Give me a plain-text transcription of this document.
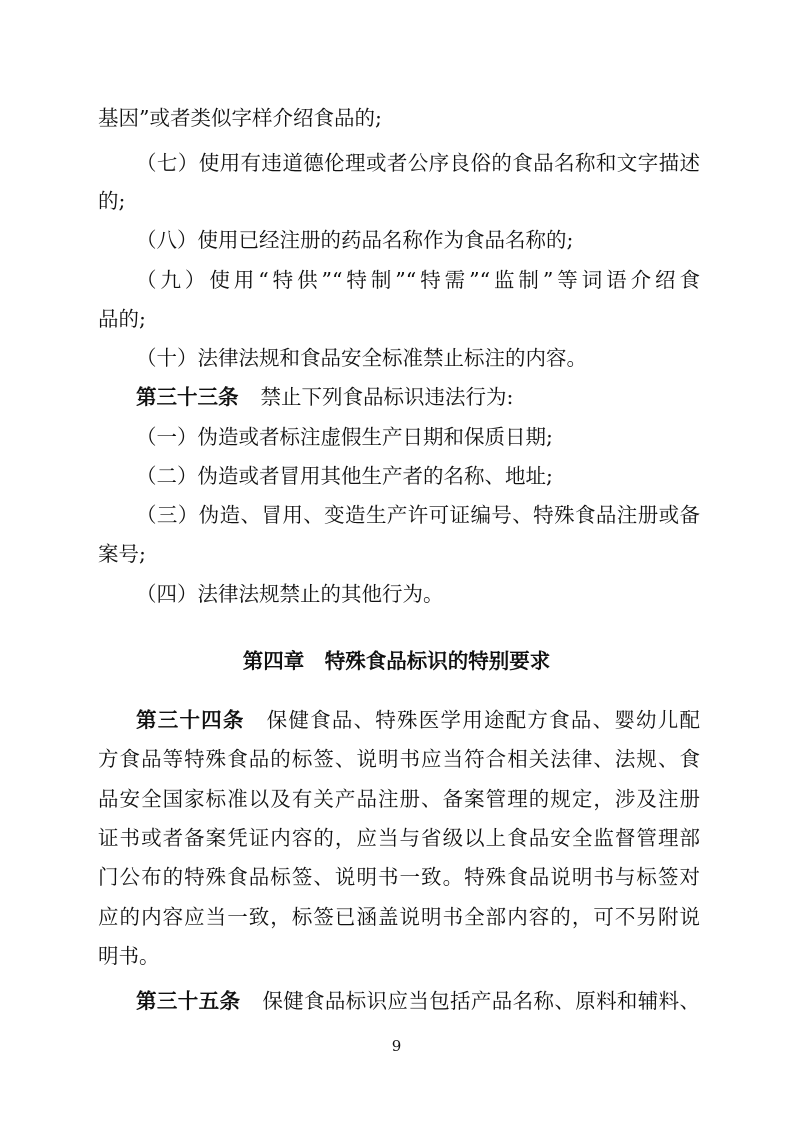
基因”或者类似字样介绍食品的;
（七）使用有违道德伦理或者公序良俗的食品名称和文字描述
的;
（八）使用已经注册的药品名称作为食品名称的;
（九）使用“特供”“特制”“特需”“监制”等词语介绍食
品的;
（十）法律法规和食品安全标准禁止标注的内容。
第三十三条 禁止下列食品标识违法行为:
（一）伪造或者标注虚假生产日期和保质日期;
（二）伪造或者冒用其他生产者的名称、地址;
（三）伪造、冒用、变造生产许可证编号、特殊食品注册或备
案号;
（四）法律法规禁止的其他行为。
第四章　特殊食品标识的特别要求
第三十四条 保健食品、特殊医学用途配方食品、婴幼儿配
方食品等特殊食品的标签、说明书应当符合相关法律、法规、食
品安全国家标准以及有关产品注册、备案管理的规定，涉及注册
证书或者备案凭证内容的，应当与省级以上食品安全监督管理部
门公布的特殊食品标签、说明书一致。特殊食品说明书与标签对
应的内容应当一致，标签已涵盖说明书全部内容的，可不另附说
明书。
第三十五条 保健食品标识应当包括产品名称、原料和辅料、
9
